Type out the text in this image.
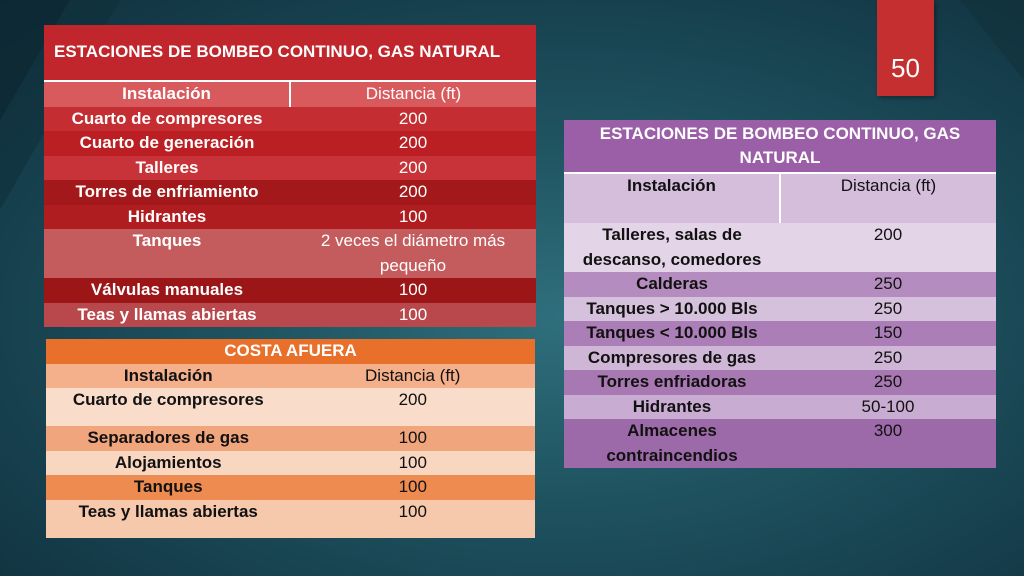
50
ESTACIONES DE BOMBEO CONTINUO, GAS NATURAL	
Instalación	Distancia (ft)
Cuarto de compresores	200
Cuarto de generación	200
Talleres	200
Torres de enfriamiento	200
Hidrantes	100
Tanques	2 veces el diámetro más pequeño
Válvulas manuales	100
Teas y llamas abiertas	100
COSTA AFUERA	
Instalación	Distancia (ft)
Cuarto de compresores	200
Separadores de gas	100
Alojamientos	100
Tanques	100
Teas y llamas abiertas	100
ESTACIONES DE BOMBEO CONTINUO, GAS NATURAL	
Instalación	Distancia (ft)
Talleres, salas de descanso, comedores	200
Calderas	250
Tanques > 10.000 Bls	250
Tanques < 10.000 Bls	150
Compresores de gas	250
Torres enfriadoras	250
Hidrantes	50-100
Almacenes contraincendios	300
